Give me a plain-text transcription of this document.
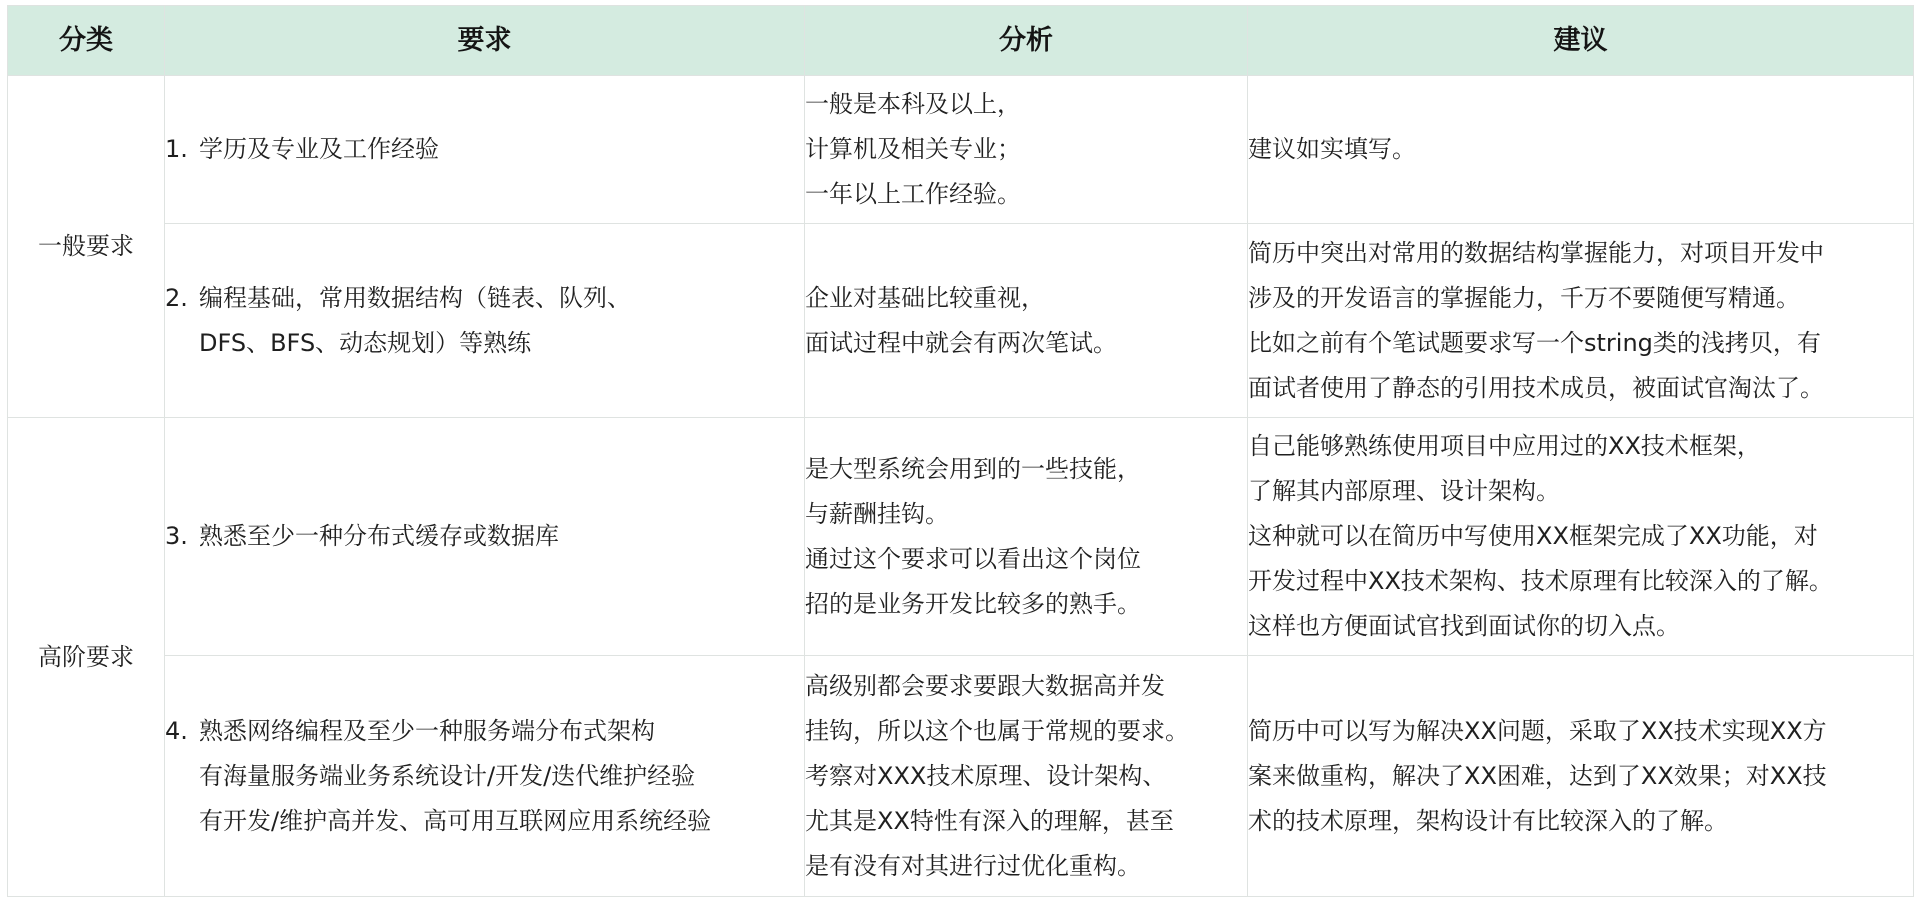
分类	要求	分析	建议
一般要求	1. 学历及专业及工作经验	一般是本科及以上，
计算机及相关专业；
一年以上工作经验。	建议如实填写。

	2. 编程基础，常用数据结构（链表、队列、
DFS、BFS、动态规划）等熟练	企业对基础比较重视，
面试过程中就会有两次笔试。	简历中突出对常用的数据结构掌握能力，对项目开发中
涉及的开发语言的掌握能力，千万不要随便写精通。
比如之前有个笔试题要求写一个string类的浅拷贝，有
面试者使用了静态的引用技术成员，被面试官淘汰了。

高阶要求	3. 熟悉至少一种分布式缓存或数据库	是大型系统会用到的一些技能，
与薪酬挂钩。
通过这个要求可以看出这个岗位
招的是业务开发比较多的熟手。	自己能够熟练使用项目中应用过的XX技术框架，
了解其内部原理、设计架构。
这种就可以在简历中写使用XX框架完成了XX功能，对
开发过程中XX技术架构、技术原理有比较深入的了解。
这样也方便面试官找到面试你的切入点。

	4. 熟悉网络编程及至少一种服务端分布式架构
有海量服务端业务系统设计/开发/迭代维护经验
有开发/维护高并发、高可用互联网应用系统经验	高级别都会要求要跟大数据高并发
挂钩，所以这个也属于常规的要求。
考察对XXX技术原理、设计架构、
尤其是XX特性有深入的理解，甚至
是有没有对其进行过优化重构。	简历中可以写为解决XX问题，采取了XX技术实现XX方
案来做重构，解决了XX困难，达到了XX效果；对XX技
术的技术原理，架构设计有比较深入的了解。
